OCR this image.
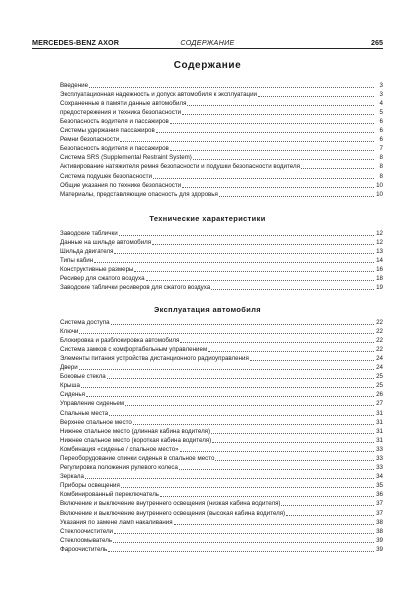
MERCEDES-BENZ AXOR	СОДЕРЖАНИЕ	265
Содержание
Введение	3
Эксплуатационная надежность и допуск автомобиля к эксплуатации	3
Сохраненные в памяти данные автомобиля	4
предостережения и техника безопасности	5
Безопасность водителя и пассажиров	6
Системы удержания пассажиров	6
Ремни безопасности	6
Безопасность водителя и пассажиров	7
Система SRS (Supplemental Restraint System)	8
Активирование натяжителя ремня безопасности и подушки безопасности водителя	8
Система подушек безопасности	8
Общие указания по технике безопасности	10
Материалы, представляющие опасность для здоровья	10
Технические характеристики
Заводские таблички	12
Данные на шильде автомобиля	12
Шильда двигателя	13
Типы кабин	14
Конструктивные размеры	16
Ресивер для сжатого воздуха	18
Заводские таблички ресиверов для сжатого воздуха	19
Эксплуатация автомобиля
Система доступа	22
Ключи	22
Блокировка и разблокировка автомобиля	22
Система замков с комфортабельным управлением	22
Элементы питания устройства дистанционного радиоуправления	24
Двери	24
Боковые стекла	25
Крыша	25
Сиденья	26
Управление сиденьем	27
Спальные места	31
Верхнее спальное место	31
Нижнее спальное место (длинная кабина водителя)	31
Нижнее спальное место (короткая кабина водителя)	31
Комбинация «сиденье / спальное место»	33
Переоборудование спинки сиденья в спальное место	33
Регулировка положения рулевого колеса	33
Зеркала	34
Приборы освещения	35
Комбинированный переключатель	36
Включение и выключение внутреннего освещения (низкая кабина водителя)	37
Включение и выключение внутреннего освещения (высокая кабина водителя)	37
Указания по замене ламп накаливания	38
Стеклоочистители	38
Стеклоомыватель	39
Фароочиститель	39
